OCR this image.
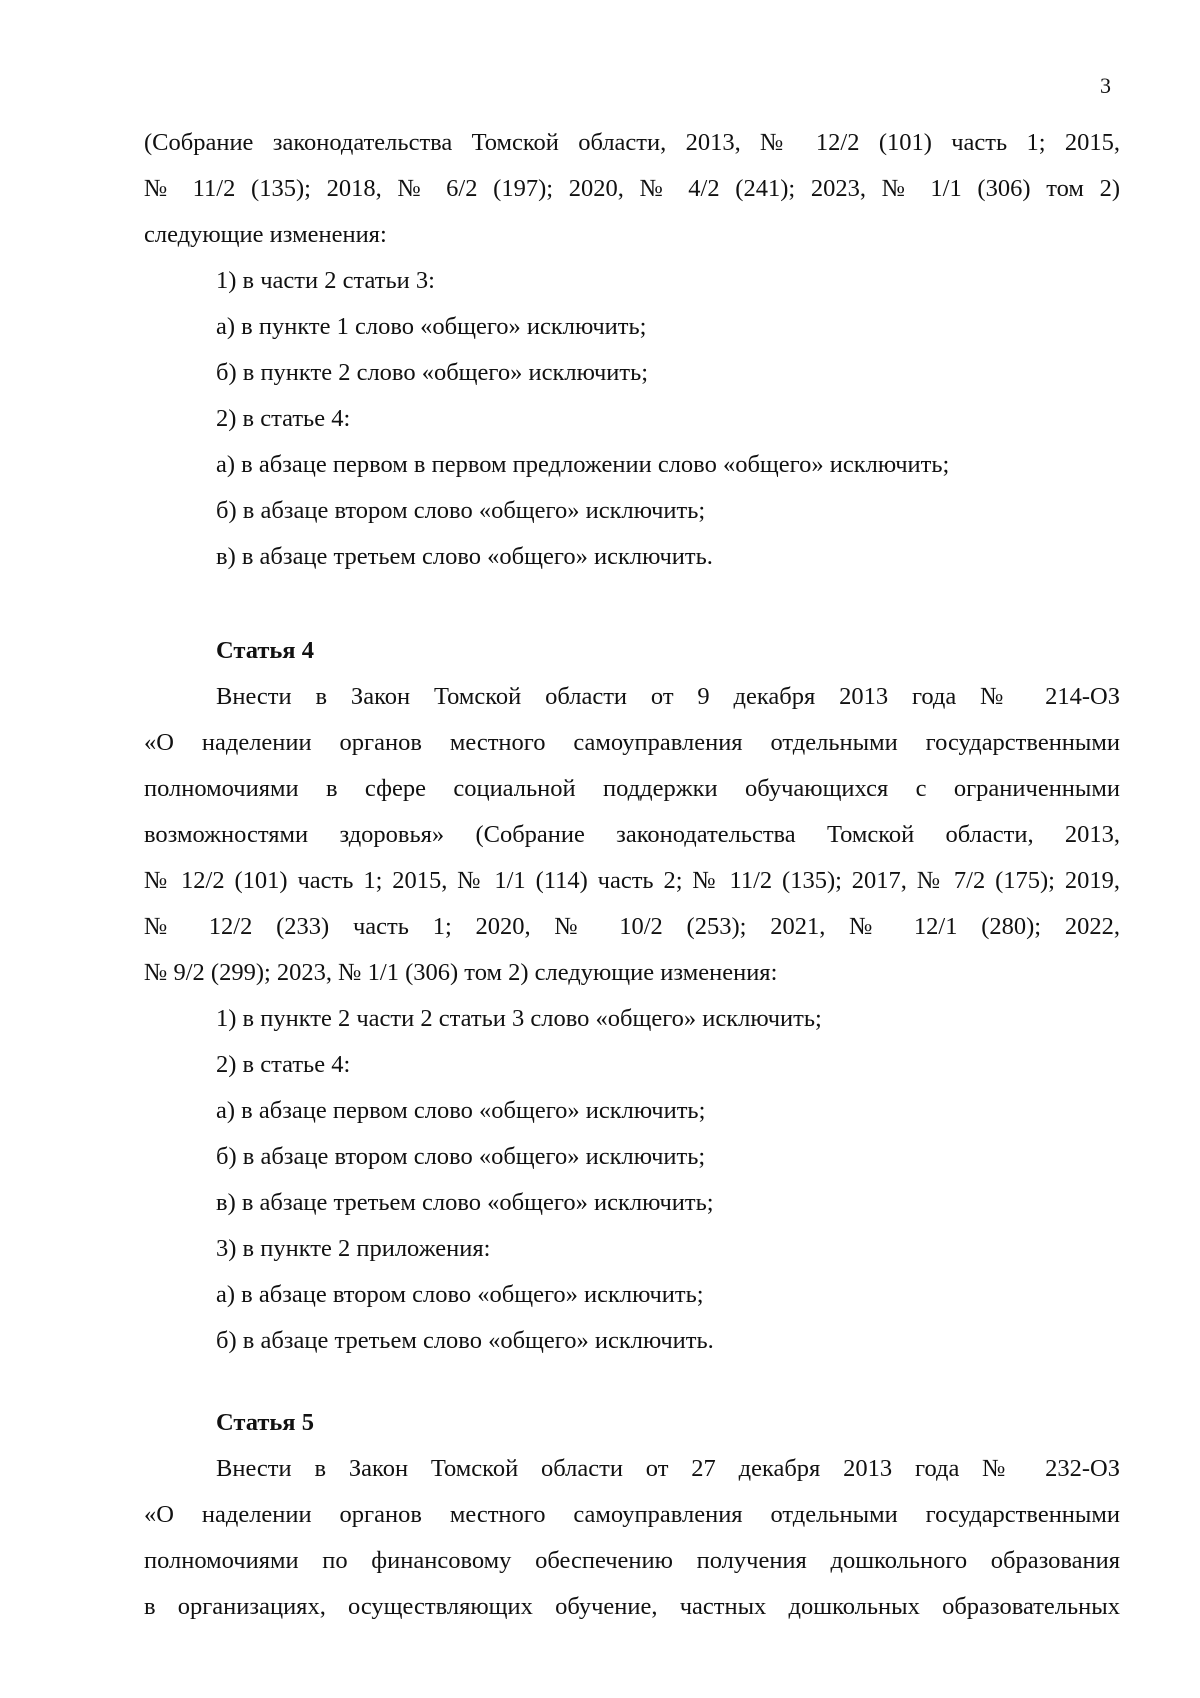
3
(Собрание законодательства Томской области, 2013, № 12/2 (101) часть 1; 2015,
№ 11/2 (135); 2018, № 6/2 (197); 2020, № 4/2 (241); 2023, № 1/1 (306) том 2)
следующие изменения:
1) в части 2 статьи 3:
а) в пункте 1 слово «общего» исключить;
б) в пункте 2 слово «общего» исключить;
2) в статье 4:
а) в абзаце первом в первом предложении слово «общего» исключить;
б) в абзаце втором слово «общего» исключить;
в) в абзаце третьем слово «общего» исключить.
Статья 4
Внести в Закон Томской области от 9 декабря 2013 года № 214-ОЗ
«О наделении органов местного самоуправления отдельными государственными
полномочиями в сфере социальной поддержки обучающихся с ограниченными
возможностями здоровья» (Собрание законодательства Томской области, 2013,
№ 12/2 (101) часть 1; 2015, № 1/1 (114) часть 2; № 11/2 (135); 2017, № 7/2 (175); 2019,
№ 12/2 (233) часть 1; 2020, № 10/2 (253); 2021, № 12/1 (280); 2022,
№ 9/2 (299); 2023, № 1/1 (306) том 2) следующие изменения:
1) в пункте 2 части 2 статьи 3 слово «общего» исключить;
2) в статье 4:
а) в абзаце первом слово «общего» исключить;
б) в абзаце втором слово «общего» исключить;
в) в абзаце третьем слово «общего» исключить;
3) в пункте 2 приложения:
а) в абзаце втором слово «общего» исключить;
б) в абзаце третьем слово «общего» исключить.
Статья 5
Внести в Закон Томской области от 27 декабря 2013 года № 232-ОЗ
«О наделении органов местного самоуправления отдельными государственными
полномочиями по финансовому обеспечению получения дошкольного образования
в организациях, осуществляющих обучение, частных дошкольных образовательных
